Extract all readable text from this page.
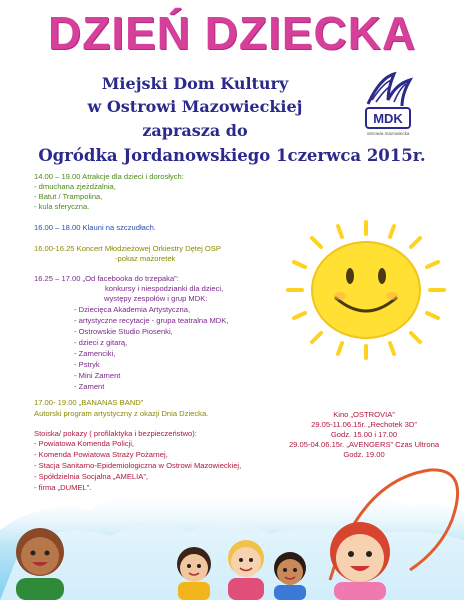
DZIEŃ DZIECKA

Miejski Dom Kultury

w Ostrowi Mazowieckiej

zaprasza do

Ogródka Jordanowskiego 1czerwca 2015r.

MDK
ostrowia.mazowiecka

14.00 – 19.00 Atrakcje dla dzieci i dorosłych:

- dmuchana zjeżdżalnia,

- Batut / Trampolina,

- kula sferyczna.

16.00 – 18.00 Klauni na szczudłach.

16.00-16.25 Koncert Młodzieżowej Orkiestry Dętej OSP

-pokaz mażoretek

16.25 – 17.00 „Od facebooka do trzepaka”:

konkursy i niespodzianki dla dzieci,

występy zespołów i grup MDK:

- Dziecięca Akademia Artystyczna,

- artystyczne recytacje - grupa teatralna MDK,

- Ostrowskie Studio Piosenki,

- dzieci z gitarą,

- Zamenciki,

- Pstryk

- Mini Zament

- Zament

17.00- 19.00 „BANANAS BAND”

Autorski program artystyczny z okazji Dnia Dziecka.

Stoiska/ pokazy ( profilaktyka i bezpieczeństwo):

- Powiatowa Komenda Policji,

- Komenda Powiatowa Straży Pożarnej,

- Stacja Sanitarno-Epidemiologiczna w Ostrowi Mazowieckiej,

- Spółdzielnia Socjalna „AMELIA”,

- firma „DUMEL”.

Kino „OSTROVIA”

29.05-11.06.15r. „Rechotek 3D”

Godz. 15.00 i 17.00

29.05-04.06.15r. „AVENGERS” Czas Ultrona

Godz. 19.00
